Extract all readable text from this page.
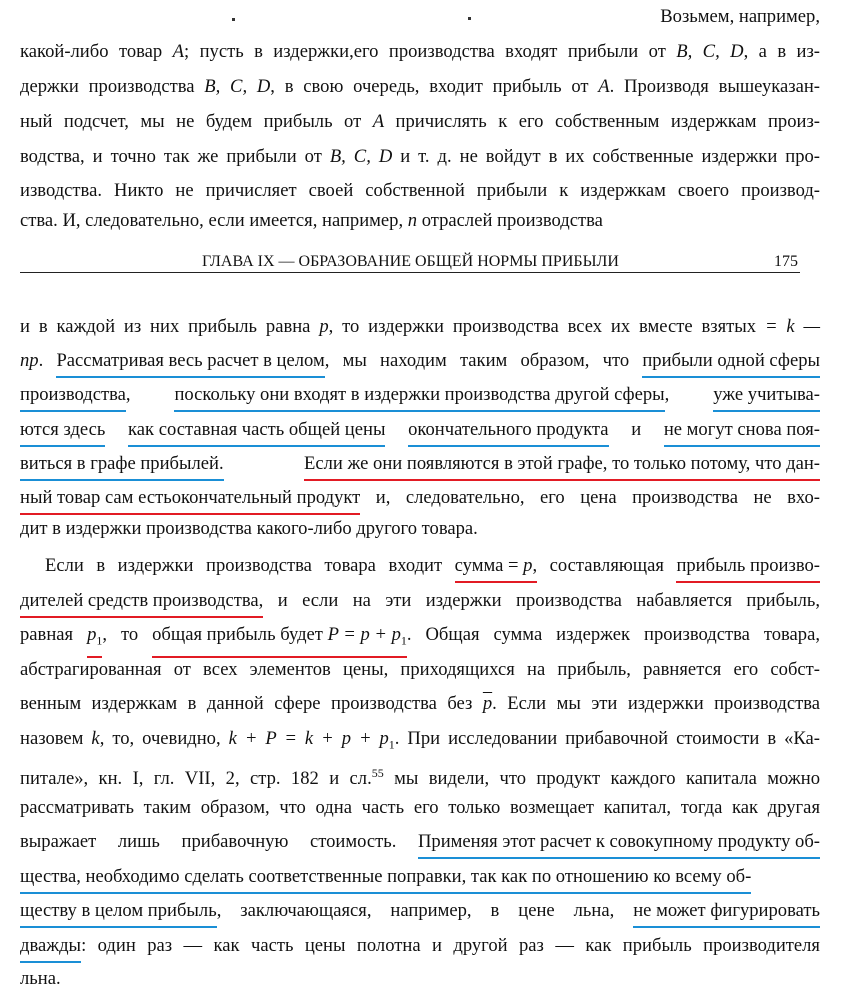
Возьмем, например,
какой-либо товар A; пусть в издержки,его производства входят прибыли от B, C, D, а в из-
держки производства B, C, D, в свою очередь, входит прибыль от A. Производя вышеуказан-
ный подсчет, мы не будем прибыль от A причислять к его собственным издержкам произ-
водства, и точно так же прибыли от B, C, D и т. д. не войдут в их собственные издержки про-
изводства. Никто не причисляет своей собственной прибыли к издержкам своего производ-
ства. И, следовательно, если имеется, например, n отраслей производства
ГЛАВА IX — ОБРАЗОВАНИЕ ОБЩЕЙ НОРМЫ ПРИБЫЛИ	175
и в каждой из них прибыль равна p, то издержки производства всех их вместе взятых = k —
np. Рассматривая весь расчет в целом, мы находим таким образом, что прибыли одной сферы
производства, поскольку они входят в издержки производства другой сферы, уже учитыва-
ются здесь как составная часть общей цены окончательного продукта и не могут снова поя-
виться в графе прибылей.	Если же они появляются в этой графе, то только потому, что дан-
ный товар сам естьокончательный продукт и, следовательно, его цена производства не вхо-
дит в издержки производства какого-либо другого товара.
Если в издержки производства товара входит сумма = p, составляющая прибыль произво-
дителей средств производства, и если на эти издержки производства набавляется прибыль,
равная $p_1$, то общая прибыль будет $P = p + p_1$. Общая сумма издержек производства товара,
абстрагированная от всех элементов цены, приходящихся на прибыль, равняется его собст-
венным издержкам в данной сфере производства без $\overline{p}$. Если мы эти издержки производства
назовем k, то, очевидно, $k + P = k + p + p_1$. При исследовании прибавочной стоимости в «Ка-
питале», кн. I, гл. VII, 2, стр. 182 и сл.$^{55}$ мы видели, что продукт каждого капитала можно
рассматривать таким образом, что одна часть его только возмещает капитал, тогда как другая
выражает лишь прибавочную стоимость. Применяя этот расчет к совокупному продукту об-
щества, необходимо сделать соответственные поправки, так как по отношению ко всему об-
ществу в целом прибыль, заключающаяся, например, в цене льна, не может фигурировать
дважды: один раз — как часть цены полотна и другой раз — как прибыль производителя
льна.
